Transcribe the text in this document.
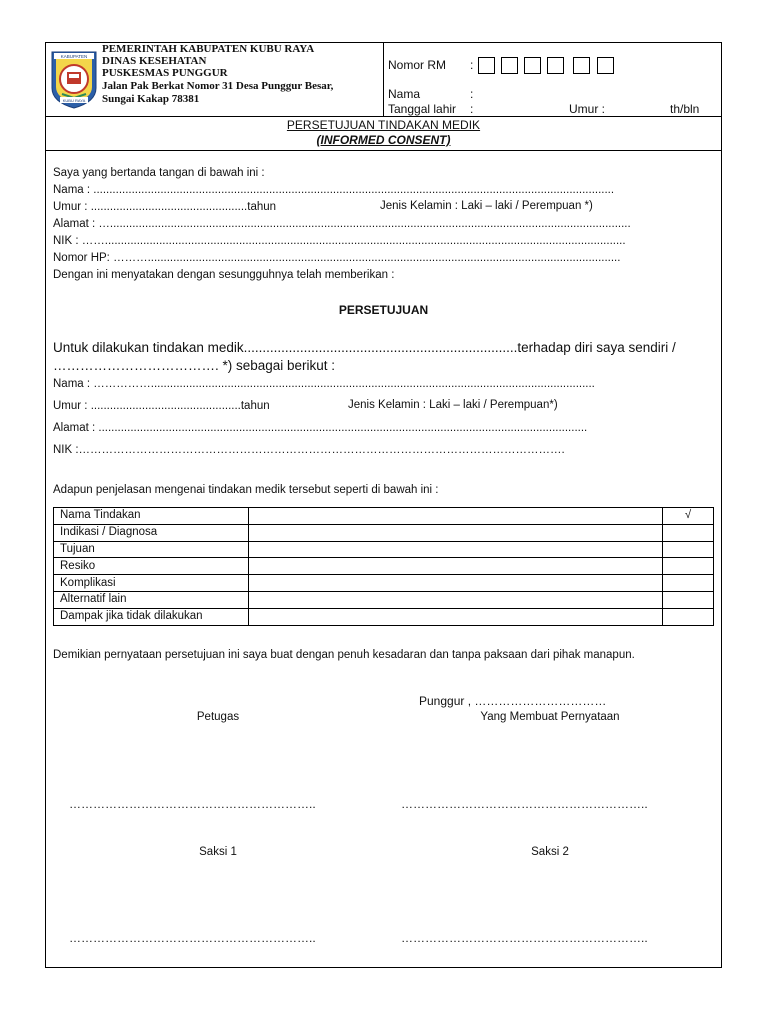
KABUPATEN
KUBU RAYA
PEMERINTAH KABUPATEN KUBU RAYA
DINAS KESEHATAN
PUSKESMAS PUNGGUR
Jalan Pak Berkat Nomor 31 Desa Punggur Besar,
Sungai Kakap 78381
Nomor RM :
Nama	:
Tanggal lahir :	Umur :	th/bln
PERSETUJUAN TINDAKAN MEDIK
(INFORMED CONSENT)
Saya yang bertanda tangan di bawah ini :
Nama : ...................................................................................................................................................................
Umur : .................................................tahun	Jenis Kelamin : Laki – laki / Perempuan *)
Alamat : …...................................................................................................................................................................
NIK : ……...................................................................................................................................................................
Nomor HP: ………....................................................................................................................................................
Dengan ini menyatakan dengan sesungguhnya telah memberikan :
PERSETUJUAN
Untuk dilakukan tindakan medik.........................................................................terhadap diri saya sendiri /
………………………………. *) sebagai berikut :
Nama : ……………...........................................................................................................................................
Umur : ...............................................tahun	Jenis Kelamin : Laki – laki / Perempuan*)
Alamat : .........................................................................................................................................................
NIK :……………………………………………………………………………………………………………….
Adapun penjelasan mengenai tindakan medik tersebut seperti di bawah ini :
Nama Tindakan		√
Indikasi / Diagnosa		
Tujuan		
Resiko		
Komplikasi		
Alternatif lain		
Dampak jika tidak dilakukan		
Demikian pernyataan persetujuan ini saya buat dengan penuh kesadaran dan tanpa paksaan dari pihak manapun.
Punggur , ……………………………
Petugas	Yang Membuat Pernyataan
……………………………………………………..	……………………………………………………..
Saksi 1	Saksi 2
……………………………………………………..	……………………………………………………..
